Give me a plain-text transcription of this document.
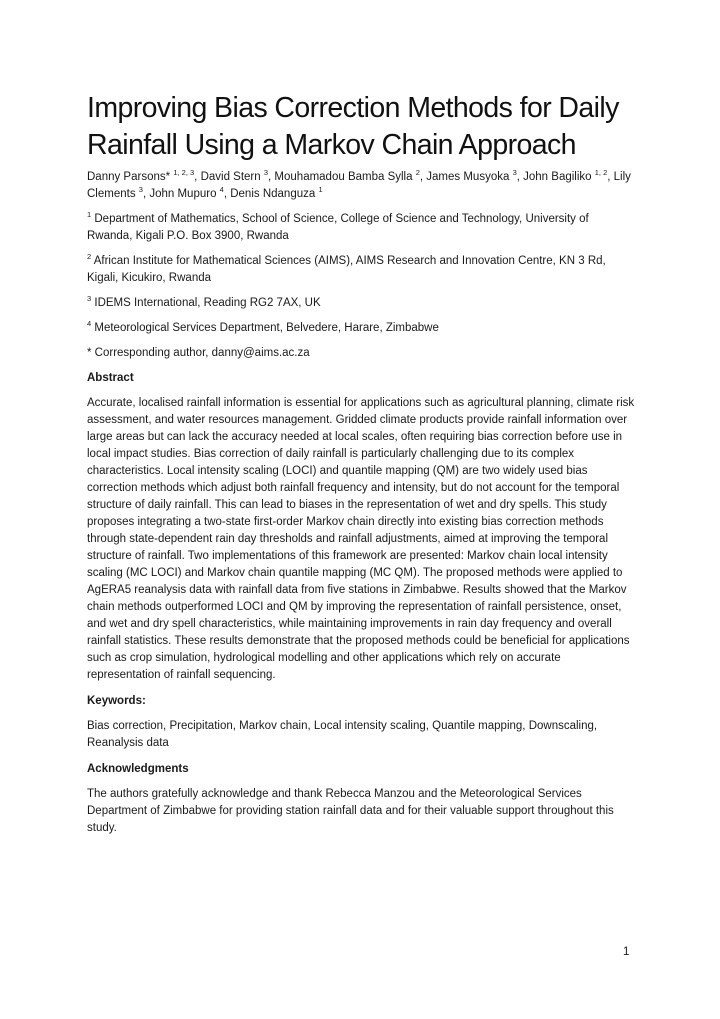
Improving Bias Correction Methods for Daily
Rainfall Using a Markov Chain Approach

Danny Parsons* $^{1, 2, 3}$, David Stern $^3$, Mouhamadou Bamba Sylla $^2$, James Musyoka $^3$, John Bagiliko $^{1, 2}$, Lily Clements $^3$, John Mupuro $^4$, Denis Ndanguza $^1$

$^1$ Department of Mathematics, School of Science, College of Science and Technology, University of Rwanda, Kigali P.O. Box 3900, Rwanda

$^2$ African Institute for Mathematical Sciences (AIMS), AIMS Research and Innovation Centre, KN 3 Rd, Kigali, Kicukiro, Rwanda

$^3$ IDEMS International, Reading RG2 7AX, UK

$^4$ Meteorological Services Department, Belvedere, Harare, Zimbabwe

* Corresponding author, danny@aims.ac.za

Abstract

Accurate, localised rainfall information is essential for applications such as agricultural planning, climate risk assessment, and water resources management. Gridded climate products provide rainfall information over large areas but can lack the accuracy needed at local scales, often requiring bias correction before use in local impact studies. Bias correction of daily rainfall is particularly challenging due to its complex characteristics. Local intensity scaling (LOCI) and quantile mapping (QM) are two widely used bias correction methods which adjust both rainfall frequency and intensity, but do not account for the temporal structure of daily rainfall. This can lead to biases in the representation of wet and dry spells. This study proposes integrating a two-state first-order Markov chain directly into existing bias correction methods through state-dependent rain day thresholds and rainfall adjustments, aimed at improving the temporal structure of rainfall. Two implementations of this framework are presented: Markov chain local intensity scaling (MC LOCI) and Markov chain quantile mapping (MC QM). The proposed methods were applied to AgERA5 reanalysis data with rainfall data from five stations in Zimbabwe. Results showed that the Markov chain methods outperformed LOCI and QM by improving the representation of rainfall persistence, onset, and wet and dry spell characteristics, while maintaining improvements in rain day frequency and overall rainfall statistics. These results demonstrate that the proposed methods could be beneficial for applications such as crop simulation, hydrological modelling and other applications which rely on accurate representation of rainfall sequencing.

Keywords:

Bias correction, Precipitation, Markov chain, Local intensity scaling, Quantile mapping, Downscaling, Reanalysis data

Acknowledgments

The authors gratefully acknowledge and thank Rebecca Manzou and the Meteorological Services Department of Zimbabwe for providing station rainfall data and for their valuable support throughout this study.

1
